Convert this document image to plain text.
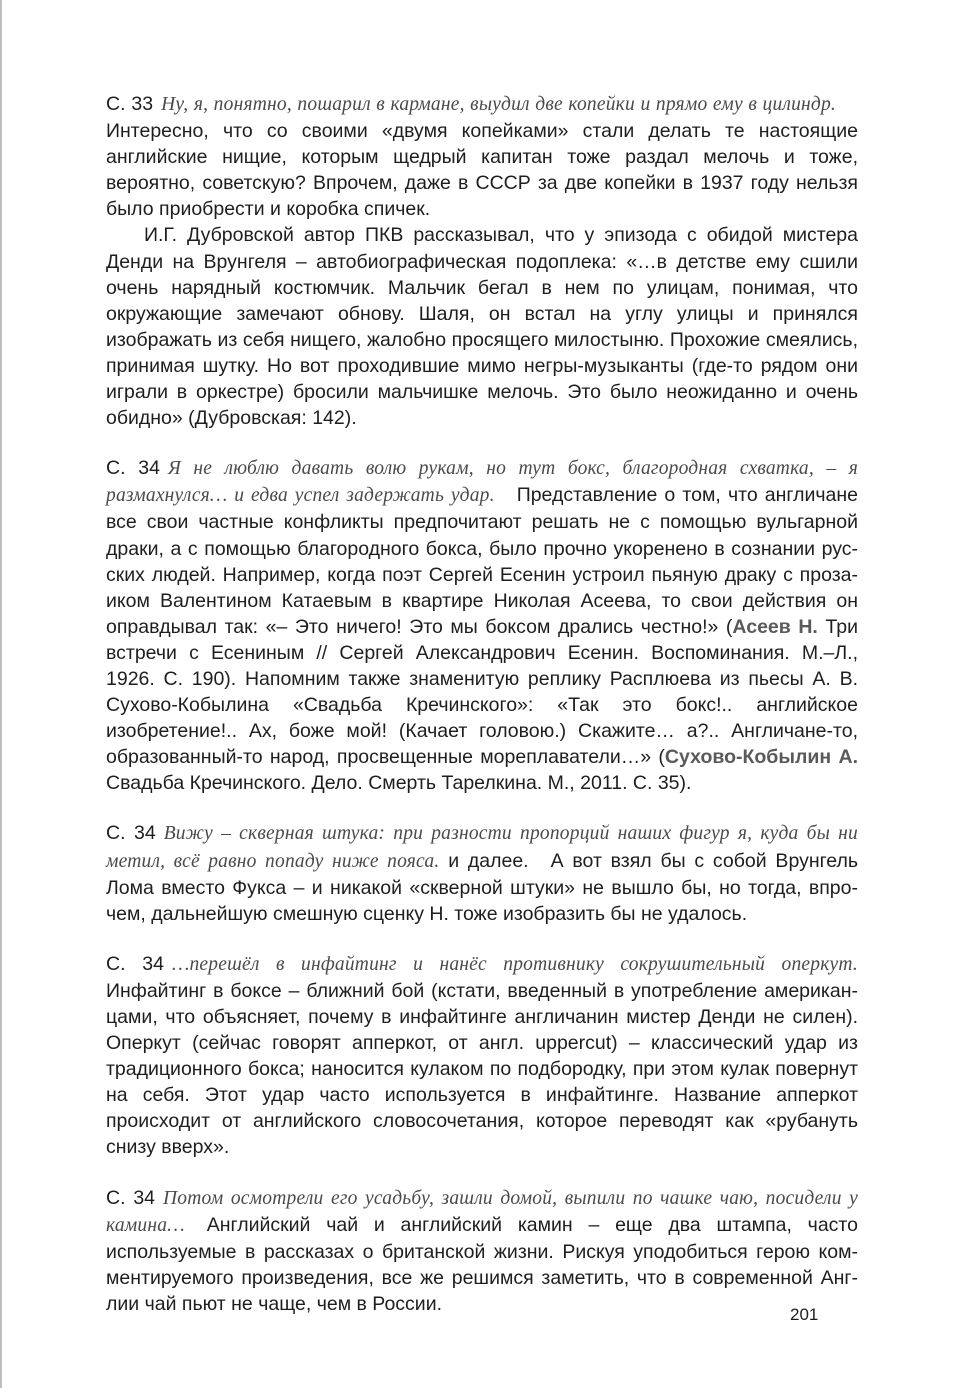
С. 33 Ну, я, понятно, пошарил в кармане, выудил две копейки и прямо ему в цилиндр.Интересно, что со своими «двумя копейками» стали делать те настоящие английские нищие, которым щедрый капитан тоже раздал мелочь и тоже, вероятно, советскую? Впрочем, даже в СССР за две копейки в 1937 году нельзя было приобрести и коробка спичек.

И.Г. Дубровской автор ПКВ рассказывал, что у эпизода с обидой мистера Денди на Врунгеля – автобиографическая подоплека: «…в детстве ему сшили очень нарядный костюмчик. Мальчик бегал в нем по улицам, понимая, что окружающие замечают обнову. Шаля, он встал на углу улицы и принялся изображать из себя нищего, жалобно просящего милостыню. Прохожие смеялись, принимая шутку. Но вот проходившие мимо негры-музыканты (где-то рядом они играли в оркестре) бросили мальчишке мелочь. Это было неожиданно и очень обидно» (Дубровская: 142).

С. 34 Я не люблю давать волю рукам, но тут бокс, благородная схватка, – я размахнулся… и едва успел задержать удар. Представление о том, что англичане все свои частные конфликты предпочитают решать не с помощью вульгарной драки, а с помощью благородного бокса, было прочно укоренено в сознании русских людей. Например, когда поэт Сергей Есенин устроил пьяную драку с прозаиком Валентином Катаевым в квартире Николая Асеева, то свои действия он оправдывал так: «– Это ничего! Это мы боксом дрались честно!» (Асеев Н. Три встречи с Есениным // Сергей Александрович Есенин. Воспоминания. М.–Л., 1926. С. 190). Напомним также знаменитую реплику Расплюева из пьесы А. В. Сухово-Кобылина «Свадьба Кречинского»: «Так это бокс!.. английское изобретение!.. Ах, боже мой! (Качает головою.) Скажите… а?.. Англичане-то, образованный-то народ, просвещенные мореплаватели…» (Сухово-Кобылин А. Свадьба Кречинского. Дело. Смерть Тарелкина. М., 2011. С. 35).

С. 34 Вижу – скверная штука: при разности пропорций наших фигур я, куда бы ни метил, всё равно попаду ниже пояса. и далее. А вот взял бы с собой Врунгель Лома вместо Фукса – и никакой «скверной штуки» не вышло бы, но тогда, впрочем, дальнейшую смешную сценку Н. тоже изобразить бы не удалось.

С. 34 …перешёл в инфайтинг и нанёс противнику сокрушительный оперкут. Инфайтинг в боксе – ближний бой (кстати, введенный в употребление американцами, что объясняет, почему в инфайтинге англичанин мистер Денди не силен). Оперкут (сейчас говорят апперкот, от англ. uppercut) – классический удар из традиционного бокса; наносится кулаком по подбородку, при этом кулак повернут на себя. Этот удар часто используется в инфайтинге. Название апперкот происходит от английского словосочетания, которое переводят как «рубануть снизу вверх».

С. 34 Потом осмотрели его усадьбу, зашли домой, выпили по чашке чаю, посидели у камина… Английский чай и английский камин – еще два штампа, часто используемые в рассказах о британской жизни. Рискуя уподобиться герою комментируемого произведения, все же решимся заметить, что в современной Англии чай пьют не чаще, чем в России.	201
